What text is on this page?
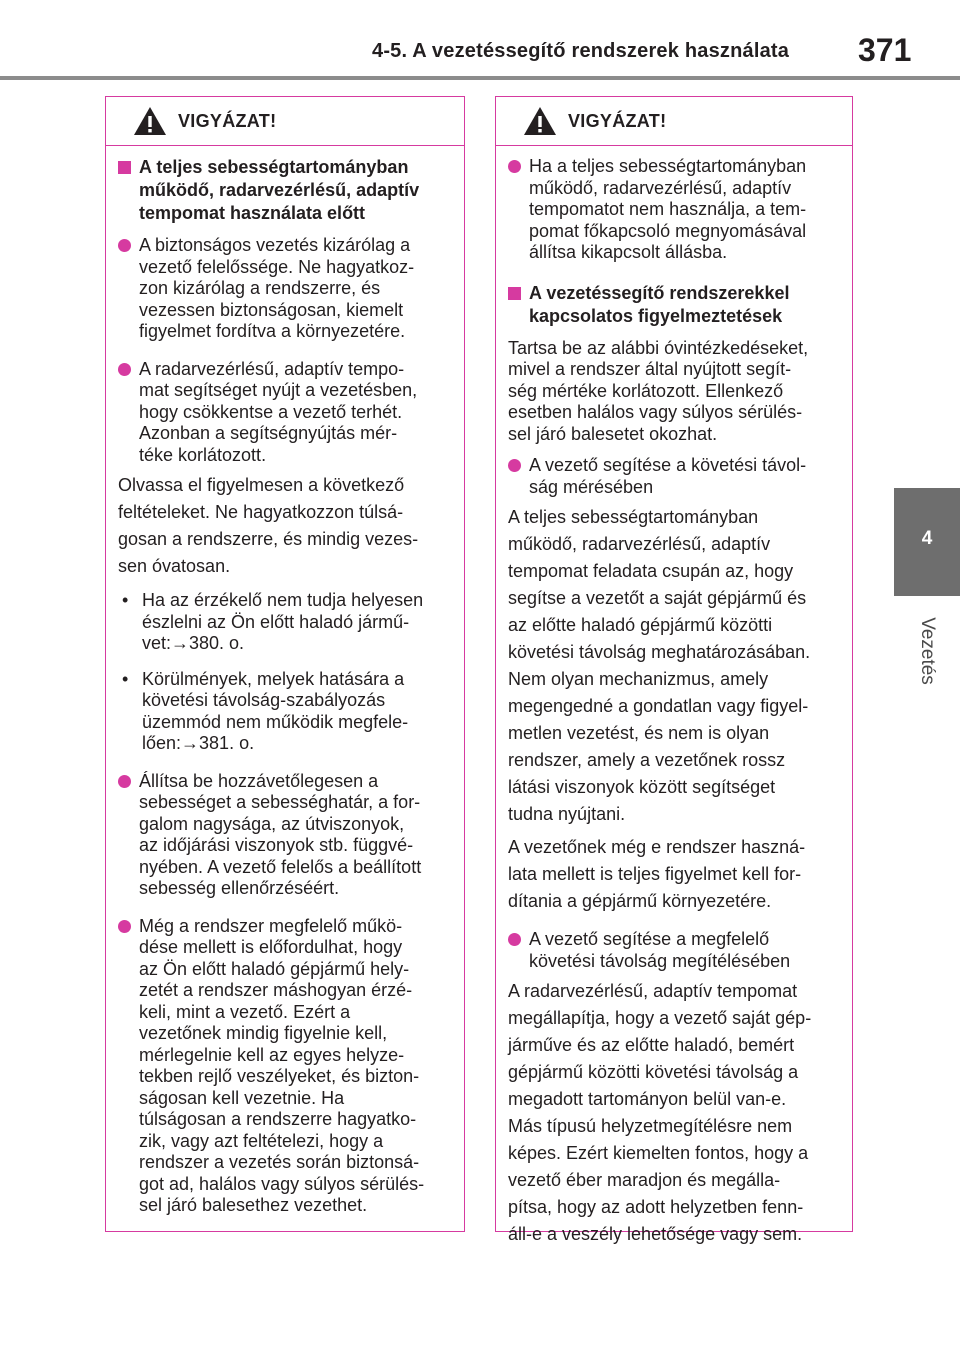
4-5. A vezetéssegítő rendszerek használata 371
4
Vezetés
VIGYÁZAT!
A teljes sebességtartományban
működő, radarvezérlésű, adaptív
tempomat használata előtt
A biztonságos vezetés kizárólag a
vezető felelőssége. Ne hagyatkoz-
zon kizárólag a rendszerre, és
vezessen biztonságosan, kiemelt
figyelmet fordítva a környezetére.
A radarvezérlésű, adaptív tempo-
mat segítséget nyújt a vezetésben,
hogy csökkentse a vezető terhét.
Azonban a segítségnyújtás mér-
téke korlátozott.
Olvassa el figyelmesen a következő
feltételeket. Ne hagyatkozzon túlsá-
gosan a rendszerre, és mindig vezes-
sen óvatosan.
• Ha az érzékelő nem tudja helyesen
észlelni az Ön előtt haladó jármű-
vet:→380. o.
• Körülmények, melyek hatására a
követési távolság-szabályozás
üzemmód nem működik megfele-
lően:→381. o.
Állítsa be hozzávetőlegesen a
sebességet a sebességhatár, a for-
galom nagysága, az útviszonyok,
az időjárási viszonyok stb. függvé-
nyében. A vezető felelős a beállított
sebesség ellenőrzéséért.
Még a rendszer megfelelő műkö-
dése mellett is előfordulhat, hogy
az Ön előtt haladó gépjármű hely-
zetét a rendszer máshogyan érzé-
keli, mint a vezető. Ezért a
vezetőnek mindig figyelnie kell,
mérlegelnie kell az egyes helyze-
tekben rejlő veszélyeket, és bizton-
ságosan kell vezetnie. Ha
túlságosan a rendszerre hagyatko-
zik, vagy azt feltételezi, hogy a
rendszer a vezetés során biztonsá-
got ad, halálos vagy súlyos sérülés-
sel járó balesethez vezethet.
VIGYÁZAT!
Ha a teljes sebességtartományban
működő, radarvezérlésű, adaptív
tempomatot nem használja, a tem-
pomat főkapcsoló megnyomásával
állítsa kikapcsolt állásba.
A vezetéssegítő rendszerekkel
kapcsolatos figyelmeztetések
Tartsa be az alábbi óvintézkedéseket,
mivel a rendszer által nyújtott segít-
ség mértéke korlátozott. Ellenkező
esetben halálos vagy súlyos sérülés-
sel járó balesetet okozhat.
A vezető segítése a követési távol-
ság mérésében
A teljes sebességtartományban
működő, radarvezérlésű, adaptív
tempomat feladata csupán az, hogy
segítse a vezetőt a saját gépjármű és
az előtte haladó gépjármű közötti
követési távolság meghatározásában.
Nem olyan mechanizmus, amely
megengedné a gondatlan vagy figyel-
metlen vezetést, és nem is olyan
rendszer, amely a vezetőnek rossz
látási viszonyok között segítséget
tudna nyújtani.
A vezetőnek még e rendszer haszná-
lata mellett is teljes figyelmet kell for-
dítania a gépjármű környezetére.
A vezető segítése a megfelelő
követési távolság megítélésében
A radarvezérlésű, adaptív tempomat
megállapítja, hogy a vezető saját gép-
járműve és az előtte haladó, bemért
gépjármű közötti követési távolság a
megadott tartományon belül van-e.
Más típusú helyzetmegítélésre nem
képes. Ezért kiemelten fontos, hogy a
vezető éber maradjon és megálla-
pítsa, hogy az adott helyzetben fenn-
áll-e a veszély lehetősége vagy sem.
